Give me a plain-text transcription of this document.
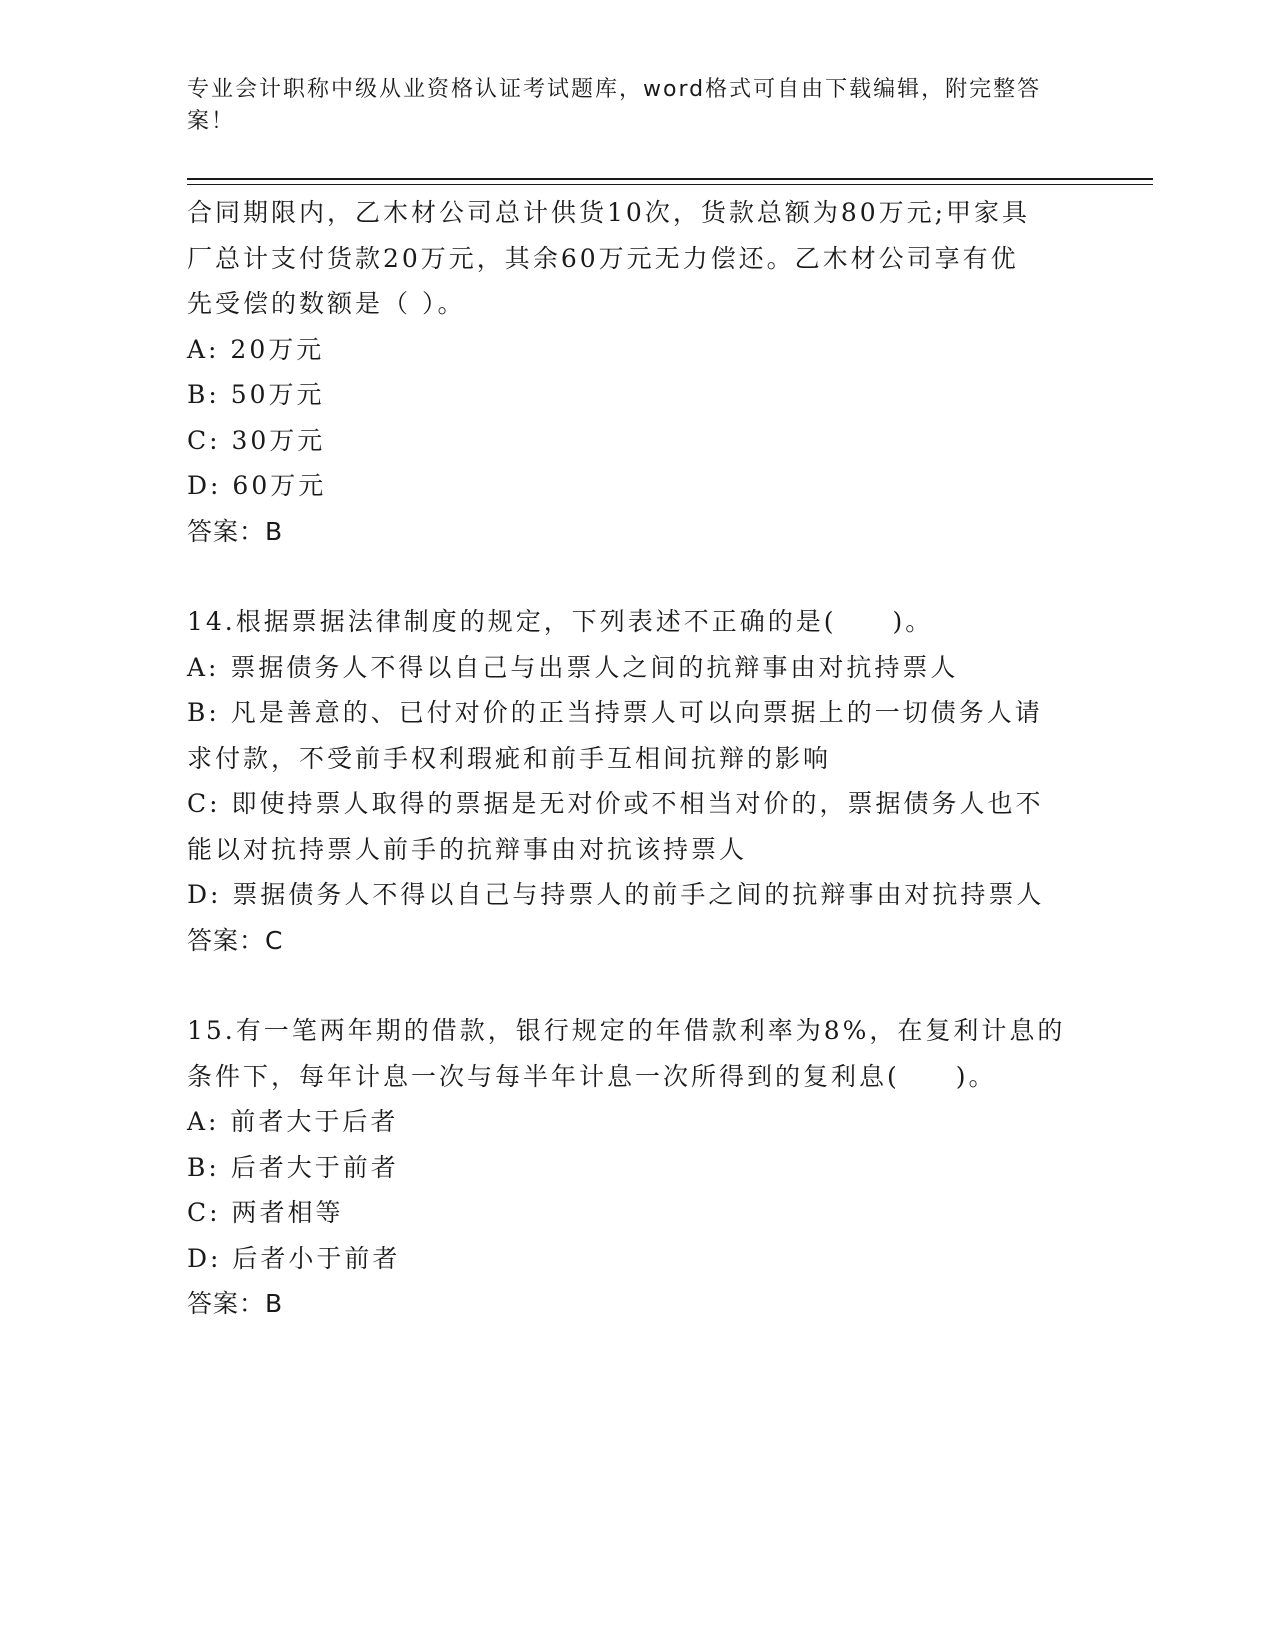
专业会计职称中级从业资格认证考试题库，word格式可自由下载编辑，附完整答案！
合同期限内，乙木材公司总计供货10次，货款总额为80万元;甲家具
厂总计支付货款20万元，其余60万元无力偿还。乙木材公司享有优
先受偿的数额是（ ）。
A: 20万元
B: 50万元
C: 30万元
D: 60万元
答案：B
14.根据票据法律制度的规定，下列表述不正确的是(　　)。
A: 票据债务人不得以自己与出票人之间的抗辩事由对抗持票人
B: 凡是善意的、已付对价的正当持票人可以向票据上的一切债务人请
求付款，不受前手权利瑕疵和前手互相间抗辩的影响
C: 即使持票人取得的票据是无对价或不相当对价的，票据债务人也不
能以对抗持票人前手的抗辩事由对抗该持票人
D: 票据债务人不得以自己与持票人的前手之间的抗辩事由对抗持票人
答案：C
15.有一笔两年期的借款，银行规定的年借款利率为8%，在复利计息的
条件下，每年计息一次与每半年计息一次所得到的复利息(　　)。
A: 前者大于后者
B: 后者大于前者
C: 两者相等
D: 后者小于前者
答案：B
